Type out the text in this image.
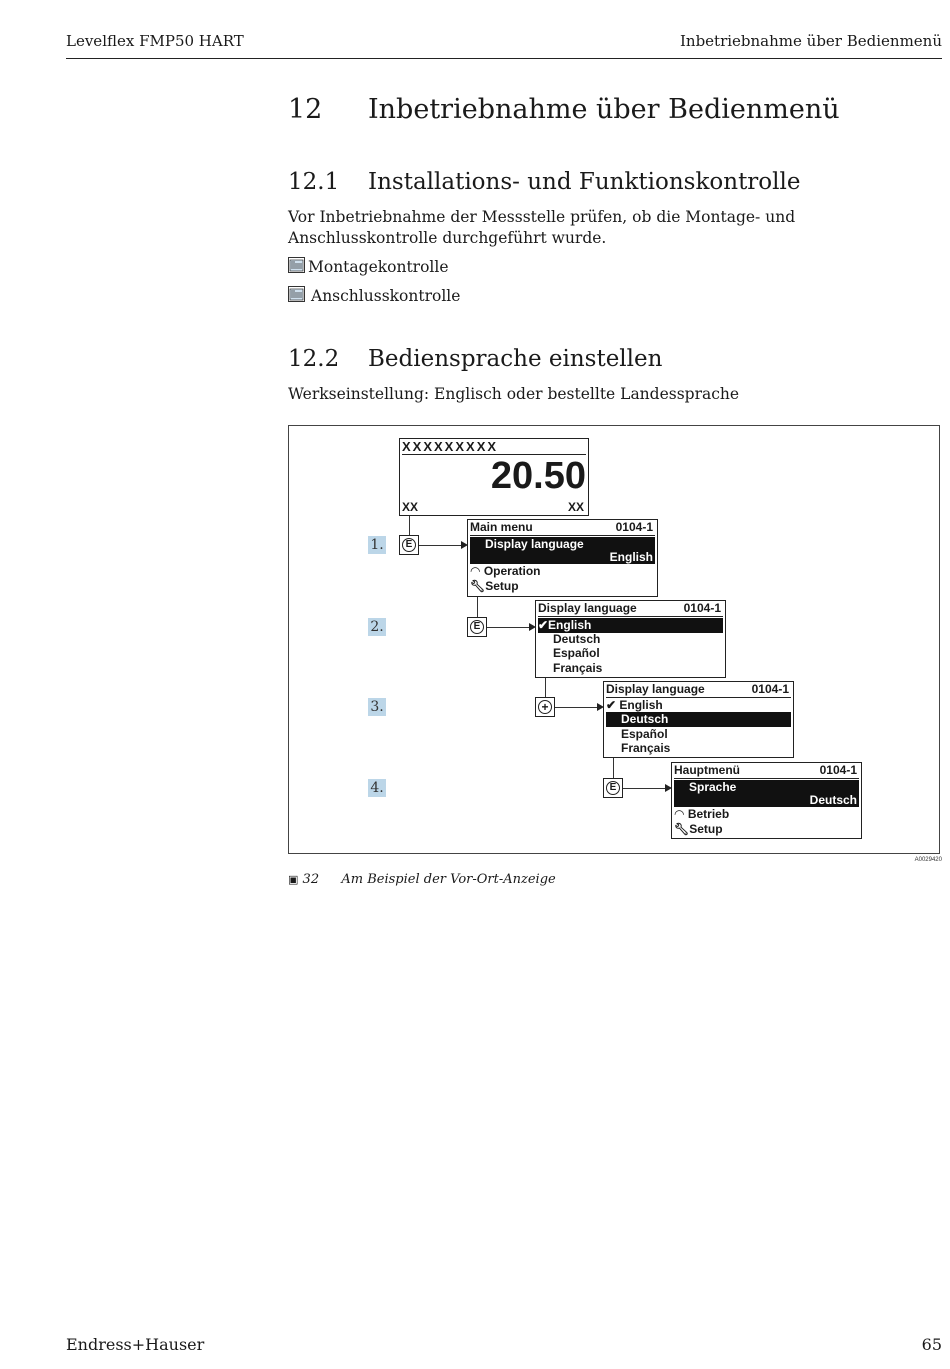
Levelflex FMP50 HART	Inbetriebnahme über Bedienmenü
12 Inbetriebnahme über Bedienmenü
12.1 Installations- und Funktionskontrolle
Vor Inbetriebnahme der Messstelle prüfen, ob die Montage- und Anschlusskontrolle durchgeführt wurde.
Montagekontrolle
Anschlusskontrolle
12.2 Bediensprache einstellen
Werkseinstellung: Englisch oder bestellte Landessprache
XXXXXXXXX
20.50
XX	XX
1.
2.
3.
4.
E
E
+
E
Main menu	0104-1
Display language
English
◠ Operation
🔧︎Setup
Display language	0104-1
✔English
Deutsch
Español
Français
Display language	0104-1
✔ English
Deutsch
Español
Français
Hauptmenü	0104-1
Sprache
Deutsch
◠ Betrieb
🔧︎Setup
A0029420
▣ 32 Am Beispiel der Vor-Ort-Anzeige
Endress+Hauser	65
